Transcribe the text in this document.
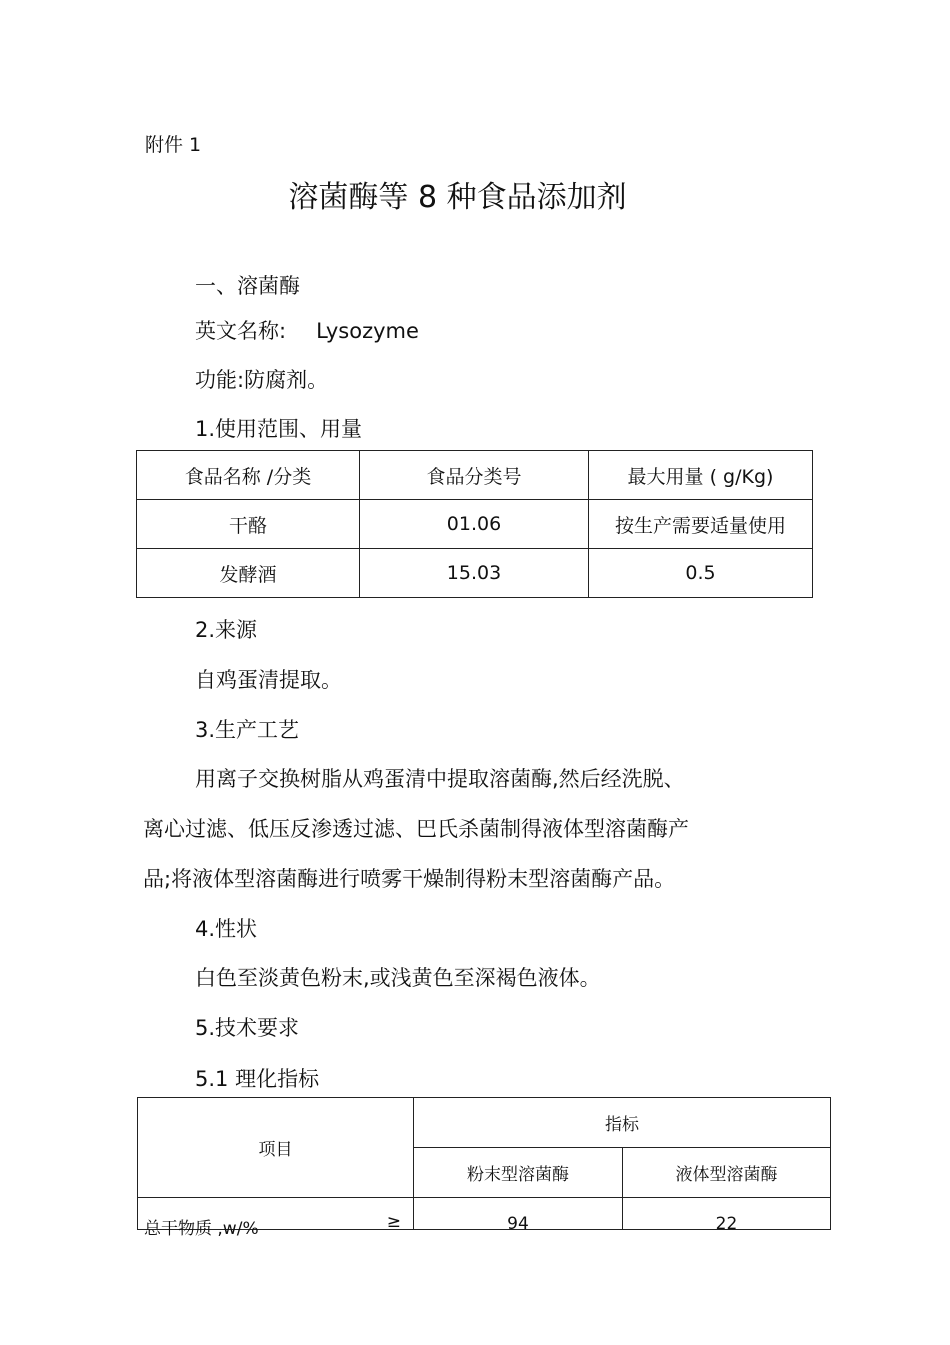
附件 1
溶菌酶等 8 种食品添加剂
一、溶菌酶
英文名称: Lysozyme
功能:防腐剂。
1.使用范围、用量
食品名称 /分类	食品分类号	最大用量 ( g/Kg)
干酪	01.06	按生产需要适量使用
发酵酒	15.03	0.5
2.来源
自鸡蛋清提取。
3.生产工艺
用离子交换树脂从鸡蛋清中提取溶菌酶,然后经洗脱、
离心过滤、低压反渗透过滤、巴氏杀菌制得液体型溶菌酶产
品;将液体型溶菌酶进行喷雾干燥制得粉末型溶菌酶产品。
4.性状
白色至淡黄色粉末,或浅黄色至深褐色液体。
5.技术要求
5.1 理化指标
项目	指标	
	粉末型溶菌酶	液体型溶菌酶

总干物质 ,w/% ≥	94	22
